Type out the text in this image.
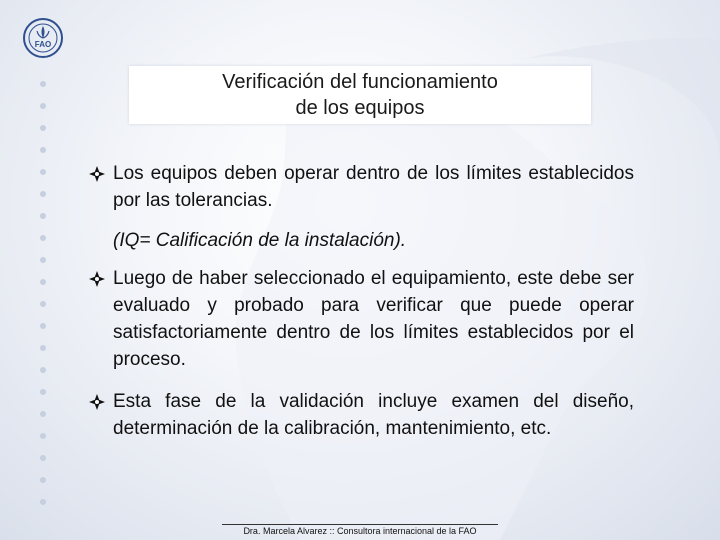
FAO
Verificación del funcionamiento
de los equipos
Los equipos deben operar dentro de los límites establecidos por las tolerancias.
(IQ= Calificación de la instalación).
Luego de haber seleccionado el equipamiento, este debe ser evaluado y probado para verificar que puede operar satisfactoriamente dentro de los límites establecidos por el proceso.
Esta fase de la validación incluye examen del diseño, determinación de la calibración, mantenimiento, etc.
Dra. Marcela Alvarez :: Consultora internacional de la FAO
